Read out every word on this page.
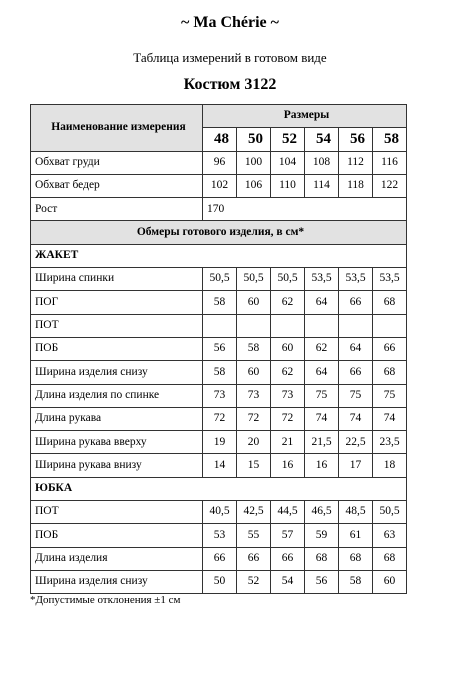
~ Ma Chérie ~
Таблица измерений в готовом виде
Костюм 3122
Наименование измерения	Размеры					
	48	50	52	54	56	58
Обхват груди	96	100	104	108	112	116
Обхват бедер	102	106	110	114	118	122
Рост	170					
Обмеры готового изделия, в см*						
ЖАКЕТ						
Ширина спинки	50,5	50,5	50,5	53,5	53,5	53,5
ПОГ	58	60	62	64	66	68
ПОТ						
ПОБ	56	58	60	62	64	66
Ширина изделия снизу	58	60	62	64	66	68
Длина изделия по спинке	73	73	73	75	75	75
Длина рукава	72	72	72	74	74	74
Ширина рукава вверху	19	20	21	21,5	22,5	23,5
Ширина рукава внизу	14	15	16	16	17	18
ЮБКА						
ПОТ	40,5	42,5	44,5	46,5	48,5	50,5
ПОБ	53	55	57	59	61	63
Длина изделия	66	66	66	68	68	68
Ширина изделия снизу	50	52	54	56	58	60
*Допустимые отклонения ±1 см
